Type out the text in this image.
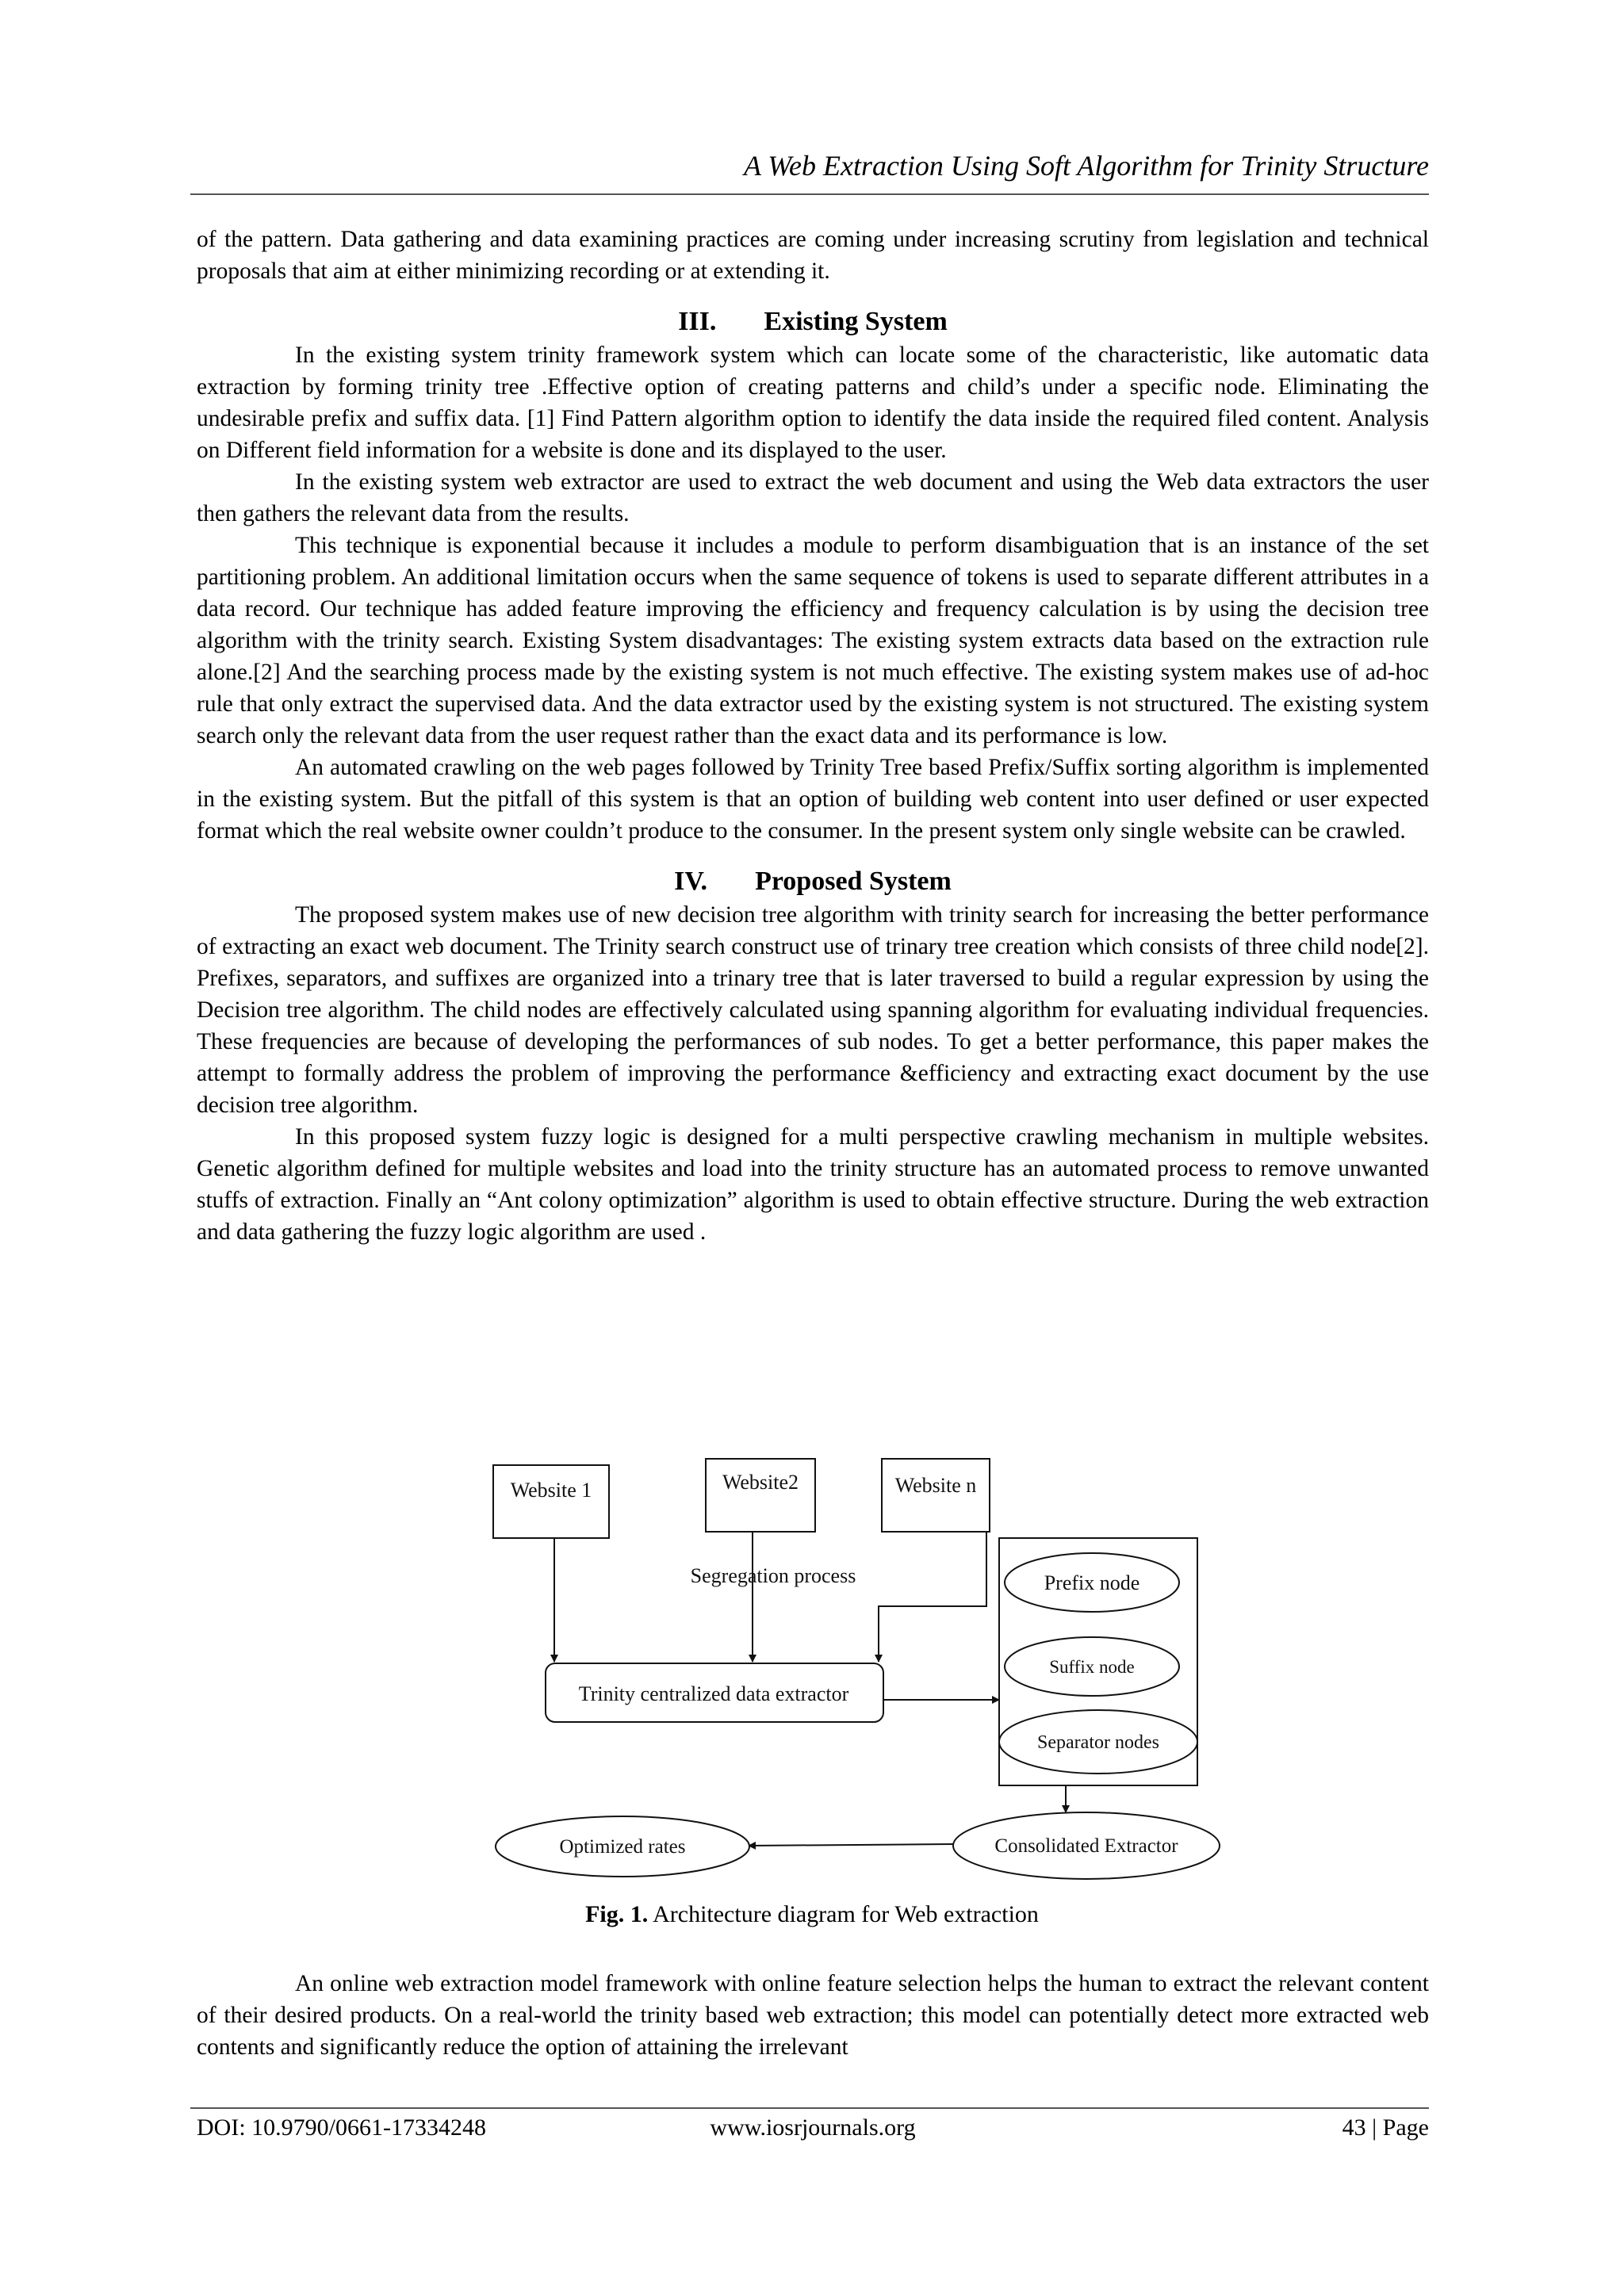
A Web Extraction Using Soft Algorithm for Trinity Structure

of the pattern. Data gathering and data examining practices are coming under increasing scrutiny from legislation and technical proposals that aim at either minimizing recording or at extending it.

III. Existing System

In the existing system trinity framework system which can locate some of the characteristic, like automatic data extraction by forming trinity tree .Effective option of creating patterns and child’s under a specific node. Eliminating the undesirable prefix and suffix data. [1] Find Pattern algorithm option to identify the data inside the required filed content. Analysis on Different field information for a website is done and its displayed to the user.

In the existing system web extractor are used to extract the web document and using the Web data extractors the user then gathers the relevant data from the results.

This technique is exponential because it includes a module to perform disambiguation that is an instance of the set partitioning problem. An additional limitation occurs when the same sequence of tokens is used to separate different attributes in a data record. Our technique has added feature improving the efficiency and frequency calculation is by using the decision tree algorithm with the trinity search. Existing System disadvantages: The existing system extracts data based on the extraction rule alone.[2] And the searching process made by the existing system is not much effective. The existing system makes use of ad-hoc rule that only extract the supervised data. And the data extractor used by the existing system is not structured. The existing system search only the relevant data from the user request rather than the exact data and its performance is low.

An automated crawling on the web pages followed by Trinity Tree based Prefix/Suffix sorting algorithm is implemented in the existing system. But the pitfall of this system is that an option of building web content into user defined or user expected format which the real website owner couldn’t produce to the consumer. In the present system only single website can be crawled.

IV. Proposed System

The proposed system makes use of new decision tree algorithm with trinity search for increasing the better performance of extracting an exact web document. The Trinity search construct use of trinary tree creation which consists of three child node[2]. Prefixes, separators, and suffixes are organized into a trinary tree that is later traversed to build a regular expression by using the Decision tree algorithm. The child nodes are effectively calculated using spanning algorithm for evaluating individual frequencies. These frequencies are because of developing the performances of sub nodes. To get a better performance, this paper makes the attempt to formally address the problem of improving the performance &efficiency and extracting exact document by the use decision tree algorithm.

In this proposed system fuzzy logic is designed for a multi perspective crawling mechanism in multiple websites. Genetic algorithm defined for multiple websites and load into the trinity structure has an automated process to remove unwanted stuffs of extraction. Finally an “Ant colony optimization” algorithm is used to obtain effective structure. During the web extraction and data gathering the fuzzy logic algorithm are used .

Website 1	Website2	Website n
Segregation process
Trinity centralized data extractor
Prefix node
Suffix node
Separator nodes
Consolidated Extractor
Optimized rates
Fig. 1. Architecture diagram for Web extraction

An online web extraction model framework with online feature selection helps the human to extract the relevant content of their desired products. On a real-world the trinity based web extraction; this model can potentially detect more extracted web contents and significantly reduce the option of attaining the irrelevant

DOI: 10.9790/0661-17334248	www.iosrjournals.org	43 | Page
